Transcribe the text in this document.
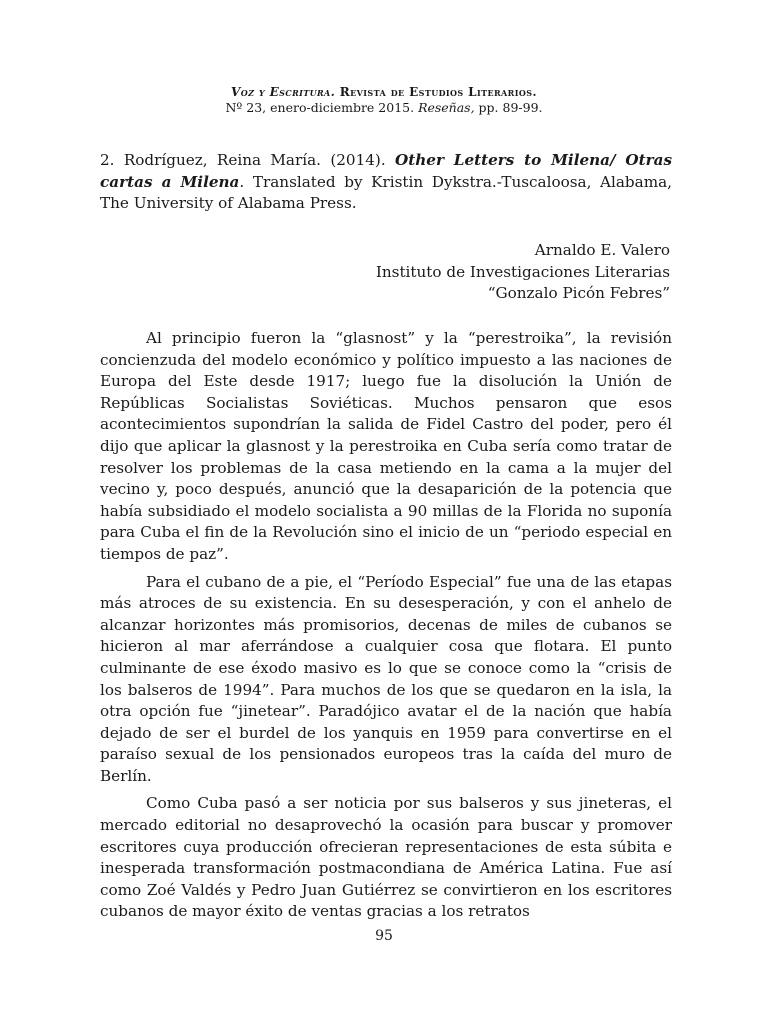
Voz y Escritura. Revista de Estudios Literarios.
Nº 23, enero-diciembre 2015. Reseñas, pp. 89-99.
2. Rodríguez, Reina María. (2014). Other Letters to Milena/ Otras cartas a Milena. Translated by Kristin Dykstra.-Tuscaloosa, Alabama, The University of Alabama Press.
Arnaldo E. Valero
Instituto de Investigaciones Literarias
“Gonzalo Picón Febres”

Al principio fueron la “glasnost” y la “perestroika”, la revisión concienzuda del modelo económico y político impuesto a las naciones de Europa del Este desde 1917; luego fue la disolución la Unión de Repúblicas Socialistas Soviéticas. Muchos pensaron que esos acontecimientos supondrían la salida de Fidel Castro del poder, pero él dijo que aplicar la glasnost y la perestroika en Cuba sería como tratar de resolver los problemas de la casa metiendo en la cama a la mujer del vecino y, poco después, anunció que la desaparición de la potencia que había subsidiado el modelo socialista a 90 millas de la Florida no suponía para Cuba el fin de la Revolución sino el inicio de un “periodo especial en tiempos de paz”.

Para el cubano de a pie, el “Período Especial” fue una de las etapas más atroces de su existencia. En su desesperación, y con el anhelo de alcanzar horizontes más promisorios, decenas de miles de cubanos se hicieron al mar aferrándose a cualquier cosa que flotara. El punto culminante de ese éxodo masivo es lo que se conoce como la “crisis de los balseros de 1994”. Para muchos de los que se quedaron en la isla, la otra opción fue “jinetear”. Paradójico avatar el de la nación que había dejado de ser el burdel de los yanquis en 1959 para convertirse en el paraíso sexual de los pensionados europeos tras la caída del muro de Berlín.

Como Cuba pasó a ser noticia por sus balseros y sus jineteras, el mercado editorial no desaprovechó la ocasión para buscar y promover escritores cuya producción ofrecieran representaciones de esta súbita e inesperada transformación postmacondiana de América Latina. Fue así como Zoé Valdés y Pedro Juan Gutiérrez se convirtieron en los escritores cubanos de mayor éxito de ventas gracias a los retratos

95
